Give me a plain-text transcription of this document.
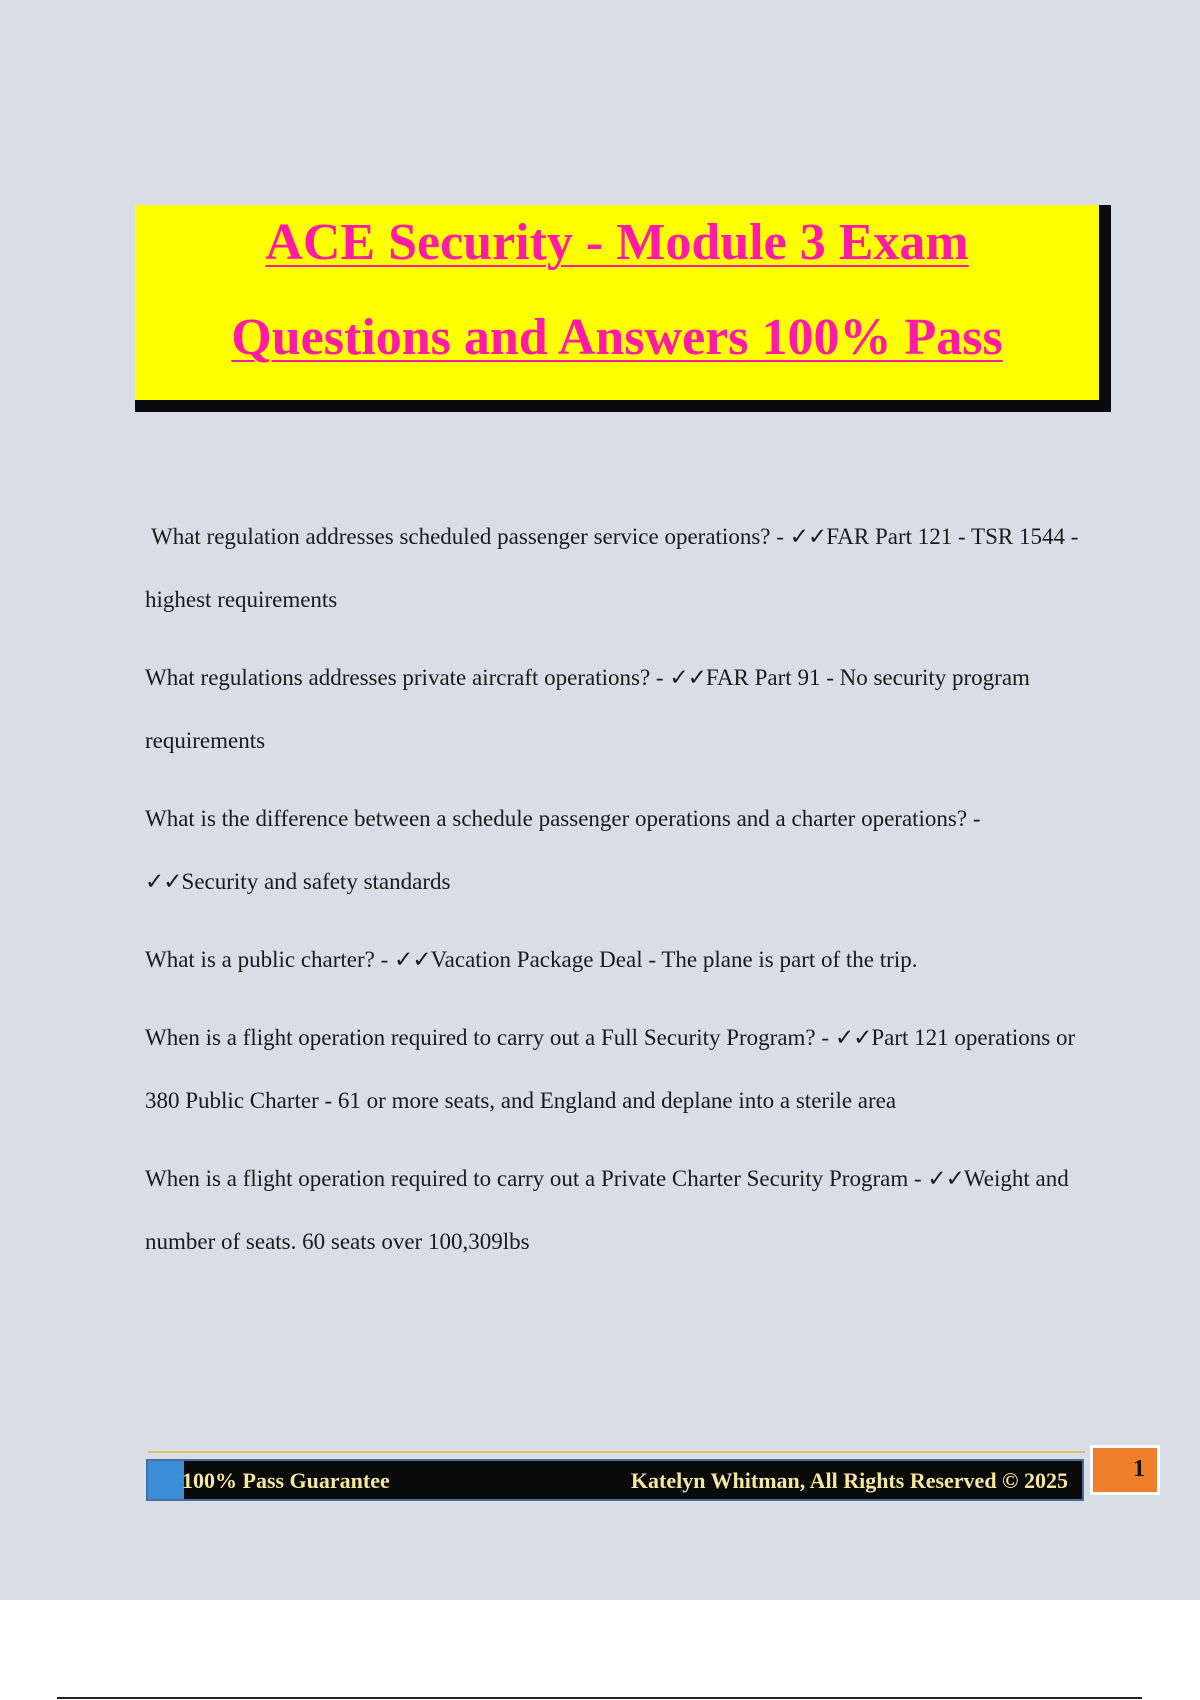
ACE Security - Module 3 Exam
Questions and Answers 100% Pass

What regulation addresses scheduled passenger service operations? - ✓✓FAR Part 121 - TSR 1544 - highest requirements

What regulations addresses private aircraft operations? - ✓✓FAR Part 91 - No security program requirements

What is the difference between a schedule passenger operations and a charter operations? - ✓✓Security and safety standards

What is a public charter? - ✓✓Vacation Package Deal - The plane is part of the trip.

When is a flight operation required to carry out a Full Security Program? - ✓✓Part 121 operations or 380 Public Charter - 61 or more seats, and England and deplane into a sterile area

When is a flight operation required to carry out a Private Charter Security Program - ✓✓Weight and number of seats. 60 seats over 100,309lbs

100% Pass Guarantee	Katelyn Whitman, All Rights Reserved © 2025	1
